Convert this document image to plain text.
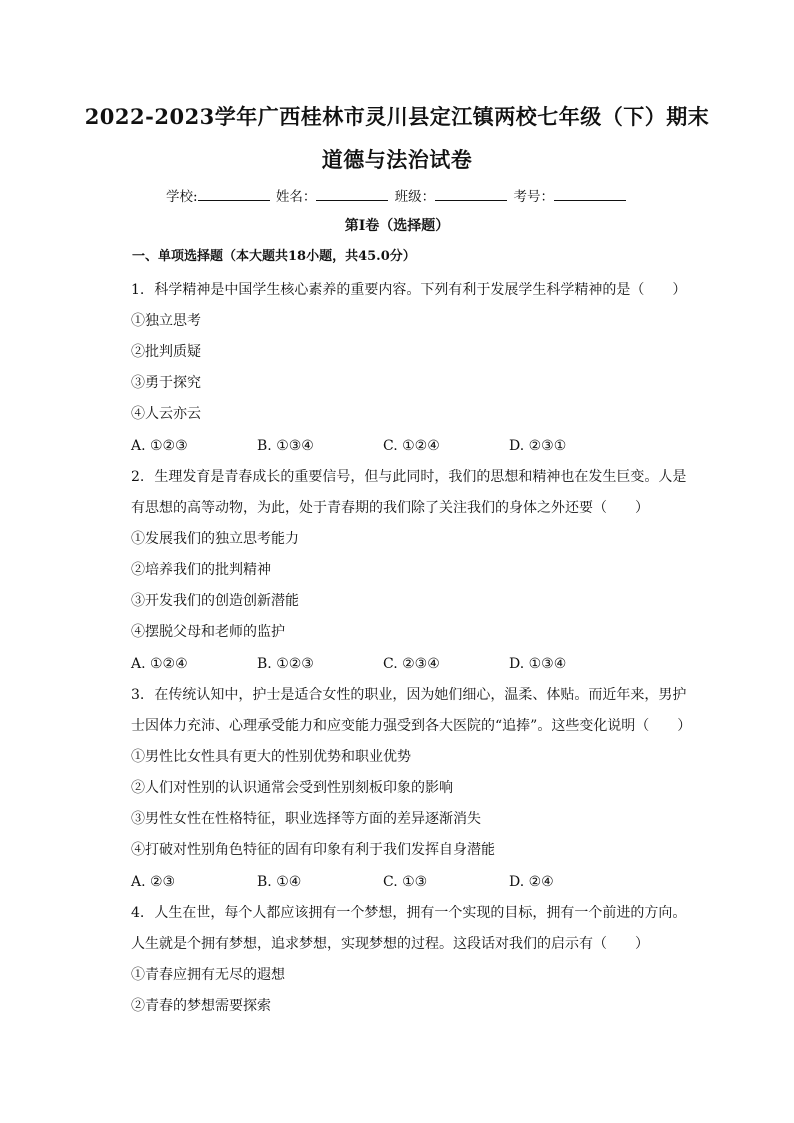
2022-2023学年广西桂林市灵川县定江镇两校七年级（下）期末
道德与法治试卷
学校:	姓名：	班级：	考号：
第I卷（选择题）
一、单项选择题（本大题共18小题，共45.0分）
1. 科学精神是中国学生核心素养的重要内容。下列有利于发展学生科学精神的是（　　）
①独立思考
②批判质疑
③勇于探究
④人云亦云
A. ①②③	B. ①③④	C. ①②④	D. ②③①
2. 生理发育是青春成长的重要信号，但与此同时，我们的思想和精神也在发生巨变。人是
有思想的高等动物，为此，处于青春期的我们除了关注我们的身体之外还要（　　）
①发展我们的独立思考能力
②培养我们的批判精神
③开发我们的创造创新潜能
④摆脱父母和老师的监护
A. ①②④	B. ①②③	C. ②③④	D. ①③④
3. 在传统认知中，护士是适合女性的职业，因为她们细心，温柔、体贴。而近年来，男护
士因体力充沛、心理承受能力和应变能力强受到各大医院的“追捧”。这些变化说明（　　）
①男性比女性具有更大的性别优势和职业优势
②人们对性别的认识通常会受到性别刻板印象的影响
③男性女性在性格特征，职业选择等方面的差异逐渐消失
④打破对性别角色特征的固有印象有利于我们发挥自身潜能
A. ②③	B. ①④	C. ①③	D. ②④
4. 人生在世，每个人都应该拥有一个梦想，拥有一个实现的目标，拥有一个前进的方向。
人生就是个拥有梦想，追求梦想，实现梦想的过程。这段话对我们的启示有（　　）
①青春应拥有无尽的遐想
②青春的梦想需要探索
